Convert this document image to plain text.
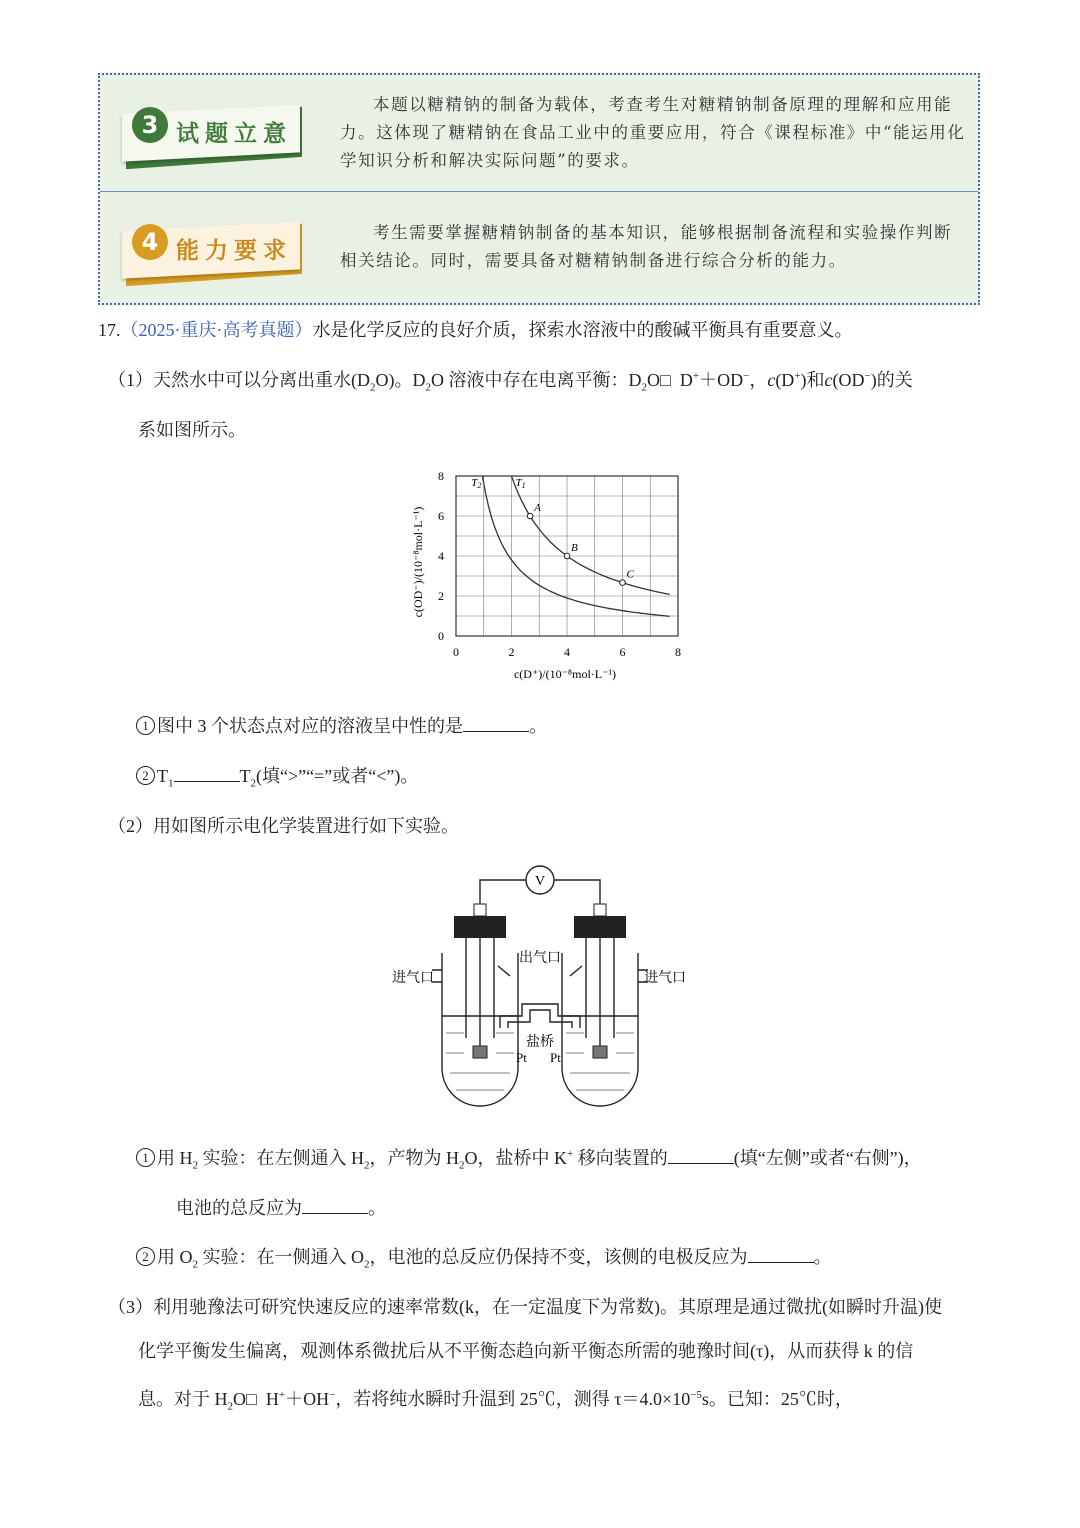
3 试题立意
本题以糖精钠的制备为载体，考查考生对糖精钠制备原理的理解和应用能力。这体现了糖精钠在食品工业中的重要应用，符合《课程标准》中“能运用化学知识分析和解决实际问题”的要求。
4 能力要求
考生需要掌握糖精钠制备的基本知识，能够根据制备流程和实验操作判断相关结论。同时，需要具备对糖精钠制备进行综合分析的能力。
17.（2025·重庆·高考真题）水是化学反应的良好介质，探索水溶液中的酸碱平衡具有重要意义。
（1）天然水中可以分离出重水$(D_2O)$。$D_2O$ 溶液中存在电离平衡：$D_2O□$ D+＋OD−，c(D+)和c(OD−)的关
系如图所示。
0
2
4
6
8
0	2	4	6	8
A
B
C
T1
T2
c(OD⁻)/(10⁻⁸mol·L⁻¹)
c(D⁺)/(10⁻⁸mol·L⁻¹)
1 图中 3 个状态点对应的溶液呈中性的是	。
2 $T_1$	$T_2$(填“>”“=”或者“<”)。
（2）用如图所示电化学装置进行如下实验。
V
出气口
进气口	进气口
盐桥
Pt Pt
1 用 $H_2$ 实验：在左侧通入 $H_2$，产物为 $H_2O$，盐桥中 K+ 移向装置的	(填“左侧”或者“右侧”)，
电池的总反应为	。
2 用 $O_2$ 实验：在一侧通入 $O_2$，电池的总反应仍保持不变，该侧的电极反应为	。
（3）利用驰豫法可研究快速反应的速率常数(k，在一定温度下为常数)。其原理是通过微扰(如瞬时升温)使
化学平衡发生偏离，观测体系微扰后从不平衡态趋向新平衡态所需的驰豫时间(τ)，从而获得 k 的信
息。对于 $H_2O□$ H+＋OH−，若将纯水瞬时升温到 25℃，测得 $\tau=4.0\times 10^{-5}s$。已知：25℃时，
